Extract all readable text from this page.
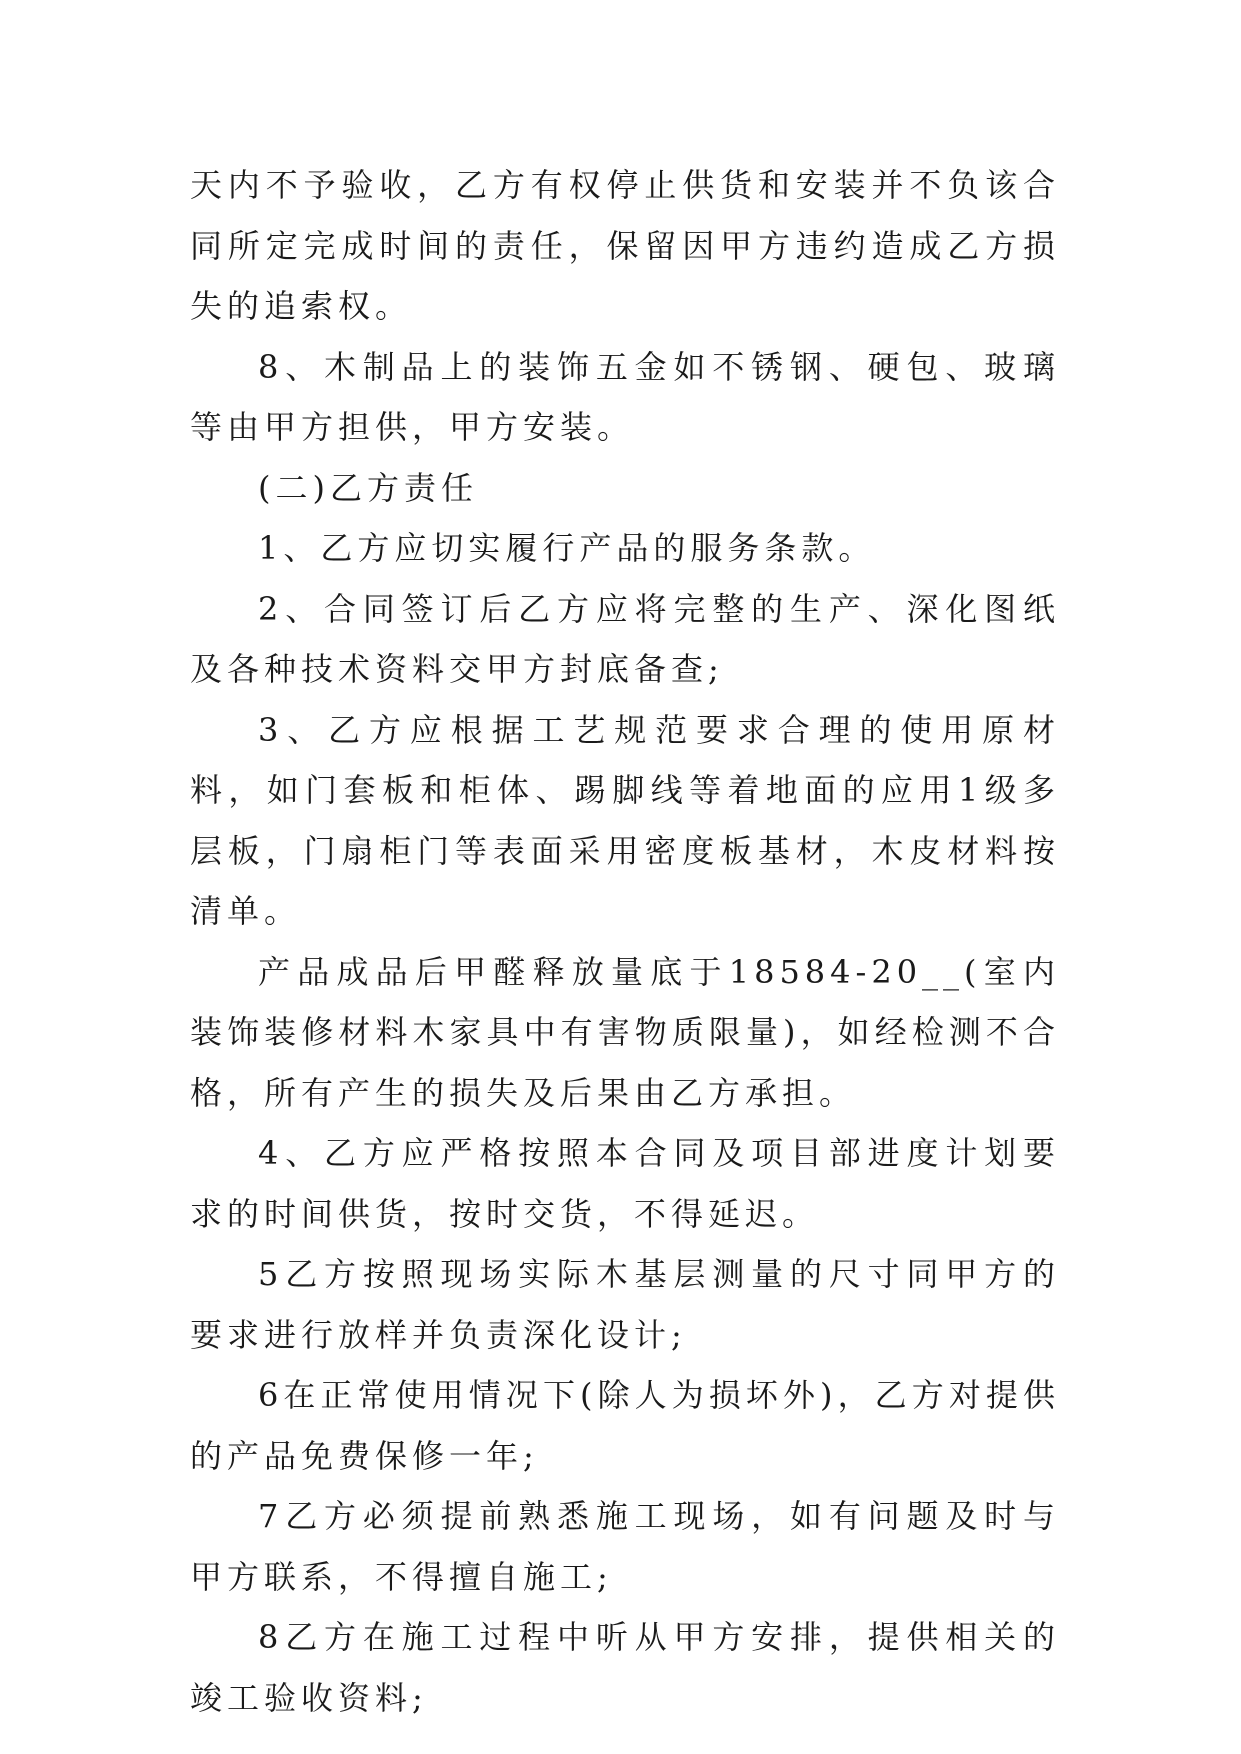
天内不予验收，乙方有权停止供货和安装并不负该合同所定完成时间的责任，保留因甲方违约造成乙方损失的追索权。

8、木制品上的装饰五金如不锈钢、硬包、玻璃等由甲方担供，甲方安装。

(二)乙方责任

1、乙方应切实履行产品的服务条款。

2、合同签订后乙方应将完整的生产、深化图纸及各种技术资料交甲方封底备查;

3、乙方应根据工艺规范要求合理的使用原材料，如门套板和柜体、踢脚线等着地面的应用1级多层板，门扇柜门等表面采用密度板基材，木皮材料按清单。

产品成品后甲醛释放量底于18584-20__(室内装饰装修材料木家具中有害物质限量)，如经检测不合格，所有产生的损失及后果由乙方承担。

4、乙方应严格按照本合同及项目部进度计划要求的时间供货，按时交货，不得延迟。

5乙方按照现场实际木基层测量的尺寸同甲方的要求进行放样并负责深化设计;

6在正常使用情况下(除人为损坏外)，乙方对提供的产品免费保修一年;

7乙方必须提前熟悉施工现场，如有问题及时与甲方联系，不得擅自施工;

8乙方在施工过程中听从甲方安排，提供相关的竣工验收资料;
